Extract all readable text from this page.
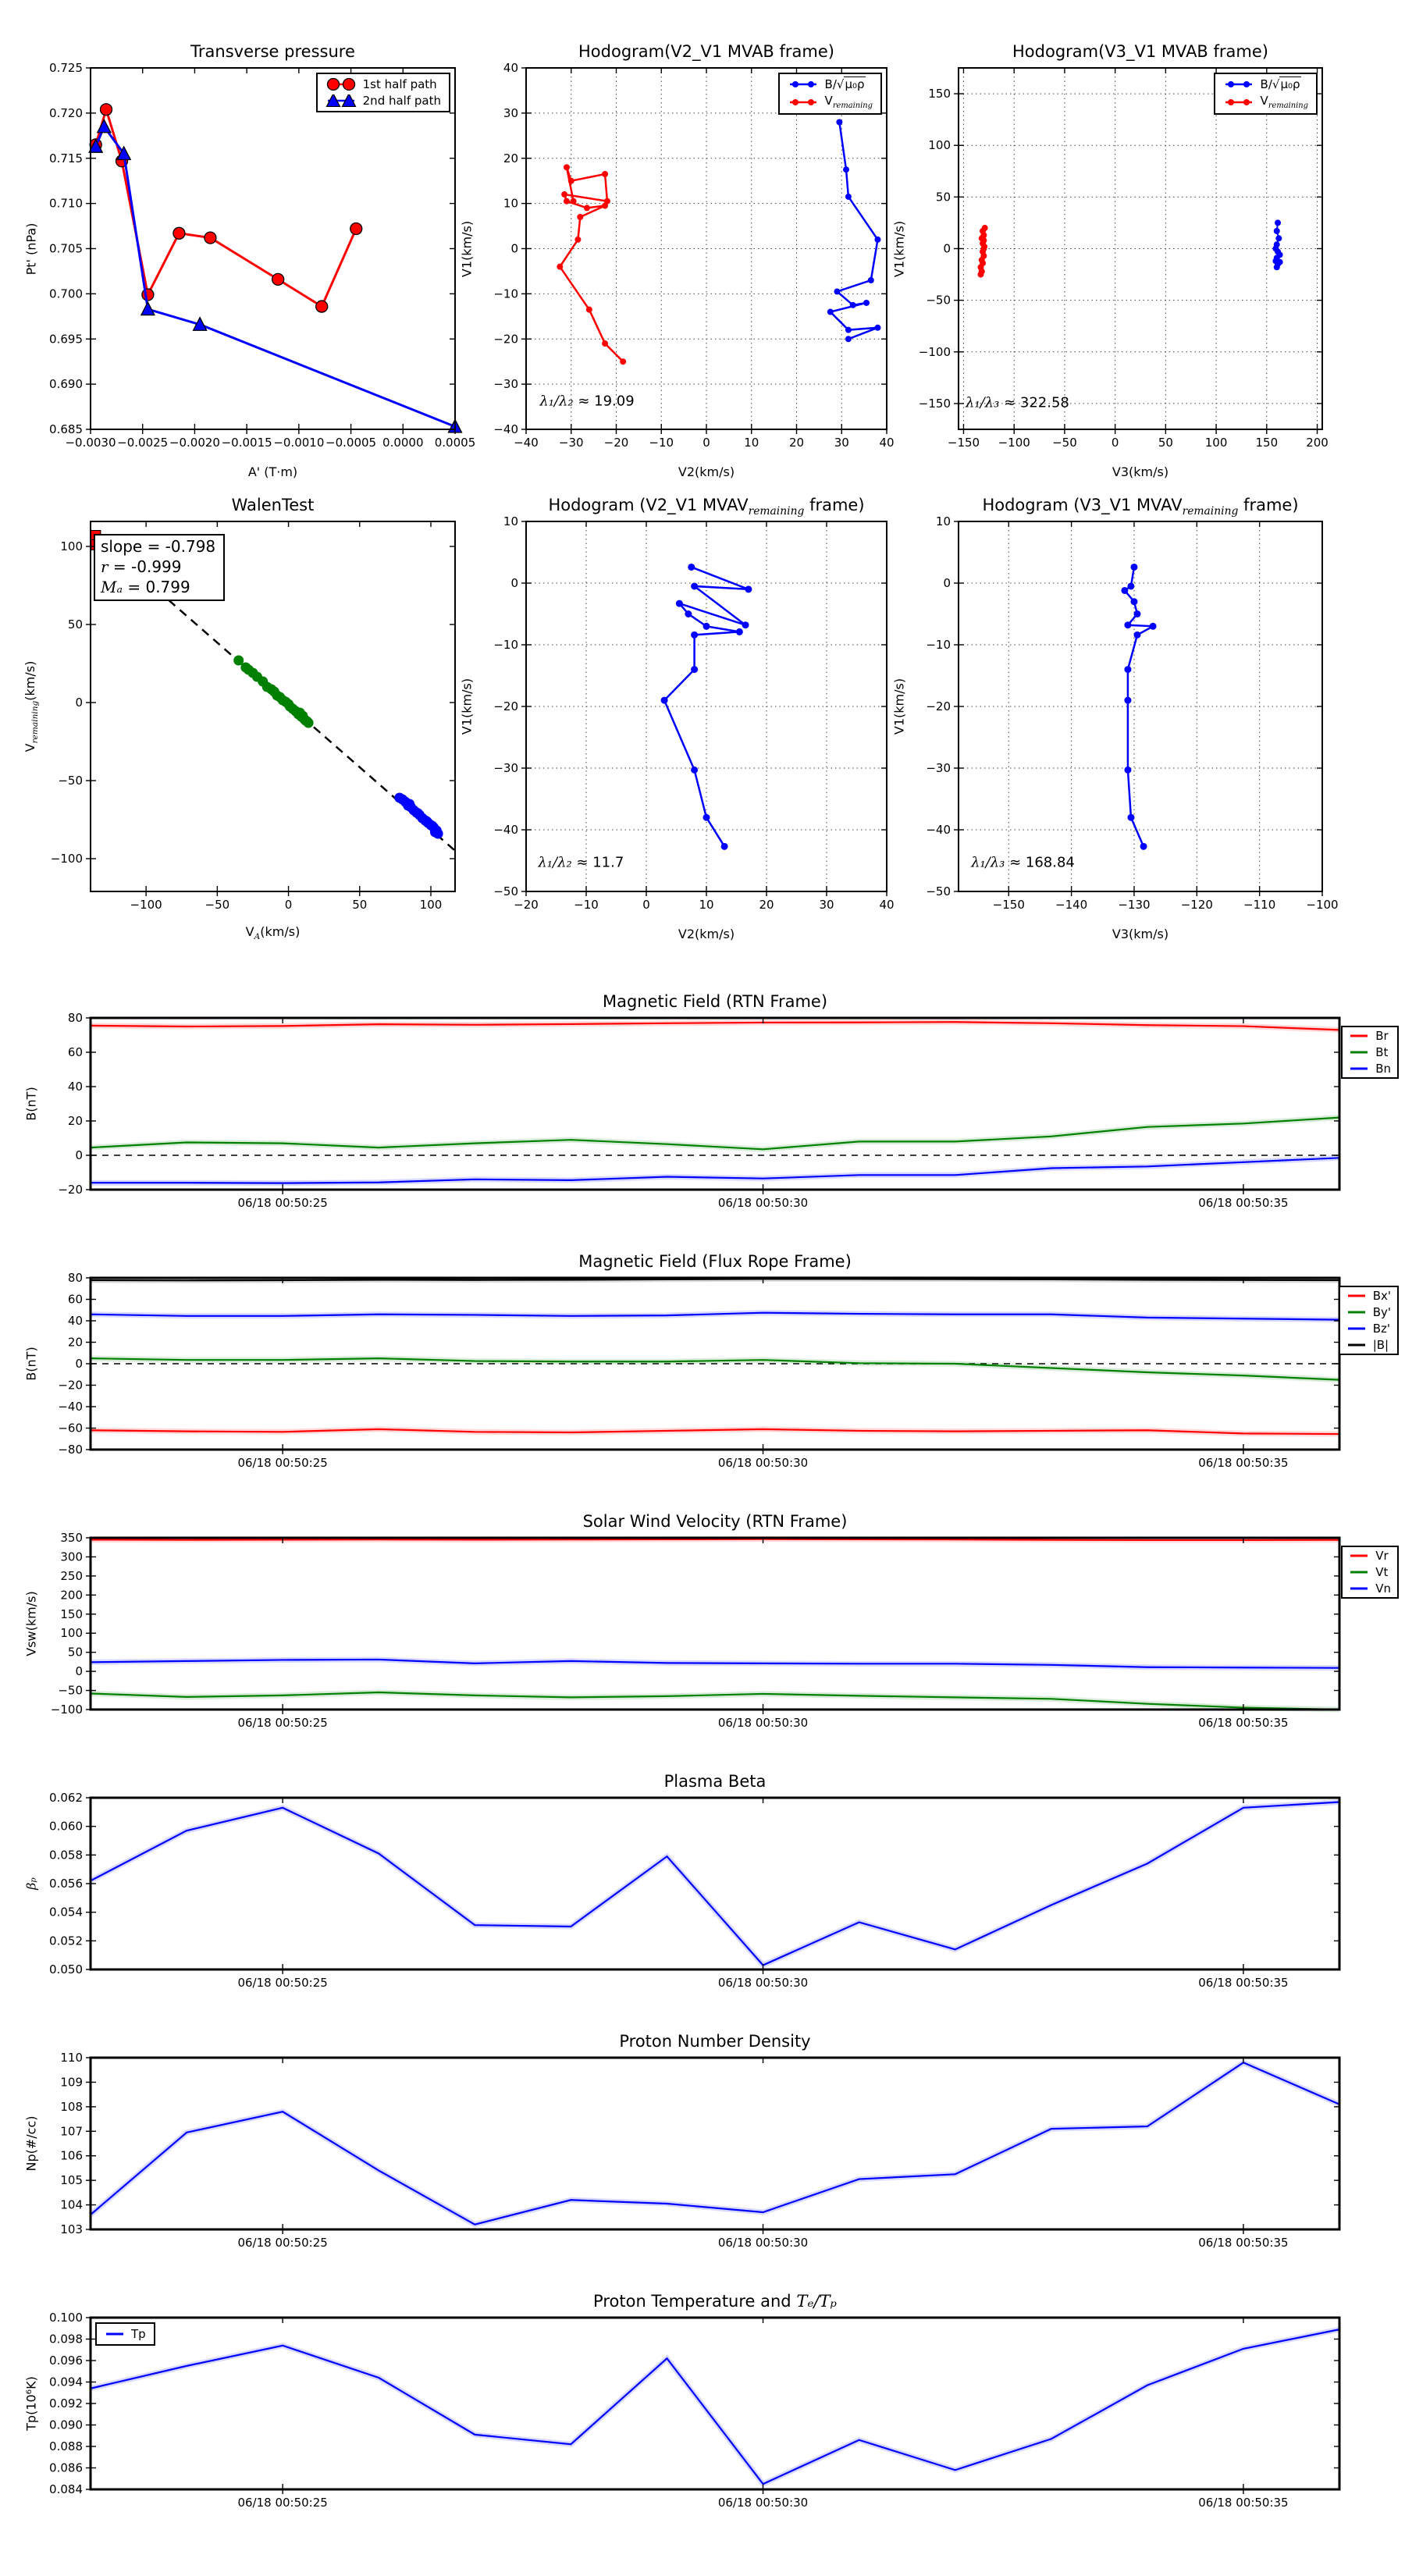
Transverse pressure
A' (T·m)
Pt' (nPa)
−0.0030 −0.0025 −0.0020 −0.0015 −0.0010 −0.0005 0.0000 0.0005
0.685
0.690
0.695
0.700
0.705
0.710
0.715
0.720
0.725
1st half path
2nd half path
Hodogram(V2_V1 MVAB frame)
V2(km/s)
V1(km/s)
−40 −30 −20 −10 0	10	20	30	40
−40
−30
−20
−10
0
10
20
30
40
λ₁/λ₂ ≈ 19.09
B/√μ₀ρ
$V_{remaining}$
Hodogram(V3_V1 MVAB frame)
V3(km/s)
V1(km/s)
−150 −100 −50	0	50	100 150 200
−150
−100
−50
0
50
100
150
λ₁/λ₃ ≈ 322.58
B/√μ₀ρ
$V_{remaining}$
WalenTest
$V_A(km/s)$
$V_{remaining}(km/s)$
−100	−50	0	50	100
−100
−50
0
50
100	slope = -0.798
r = -0.999
Mₐ = 0.799
Hodogram (V2_V1 $MVAV_{remaining}$ frame)
V2(km/s)
V1(km/s)
−20	−10	0	10	20	30	40
−50
−40
−30
−20
−10
0
10
λ₁/λ₂ ≈ 11.7
Hodogram (V3_V1 $MVAV_{remaining}$ frame)
V3(km/s)
V1(km/s)
−150	−140	−130	−120	−110	−100
−50
−40
−30
−20
−10
0
10
λ₁/λ₃ ≈ 168.84
Magnetic Field (RTN Frame)
B(nT)
06/18 00:50:25	06/18 00:50:30	06/18 00:50:35
−20
0
20
40
60
80
Br
Bt
Bn
Magnetic Field (Flux Rope Frame)
B(nT)
06/18 00:50:25	06/18 00:50:30	06/18 00:50:35
−80
−60
−40
−20
0
20
40
60
80
Bx'
By'
Bz'
|B|
Solar Wind Velocity (RTN Frame)
Vsw(km/s)
06/18 00:50:25	06/18 00:50:30	06/18 00:50:35
−100
−50
0
50
100
150
200
250
300
350
Vr
Vt
Vn
Plasma Beta
βₚ
06/18 00:50:25	06/18 00:50:30	06/18 00:50:35
0.050
0.052
0.054
0.056
0.058
0.060
0.062
Proton Number Density
Np(#/cc)
06/18 00:50:25	06/18 00:50:30	06/18 00:50:35
103
104
105
106
107
108
109
110
Proton Temperature and Tₑ/Tₚ
Tp(10⁶K)
06/18 00:50:25	06/18 00:50:30	06/18 00:50:35
0.084
0.086
0.088
0.090
0.092
0.094
0.096
0.098
0.100
Tp
